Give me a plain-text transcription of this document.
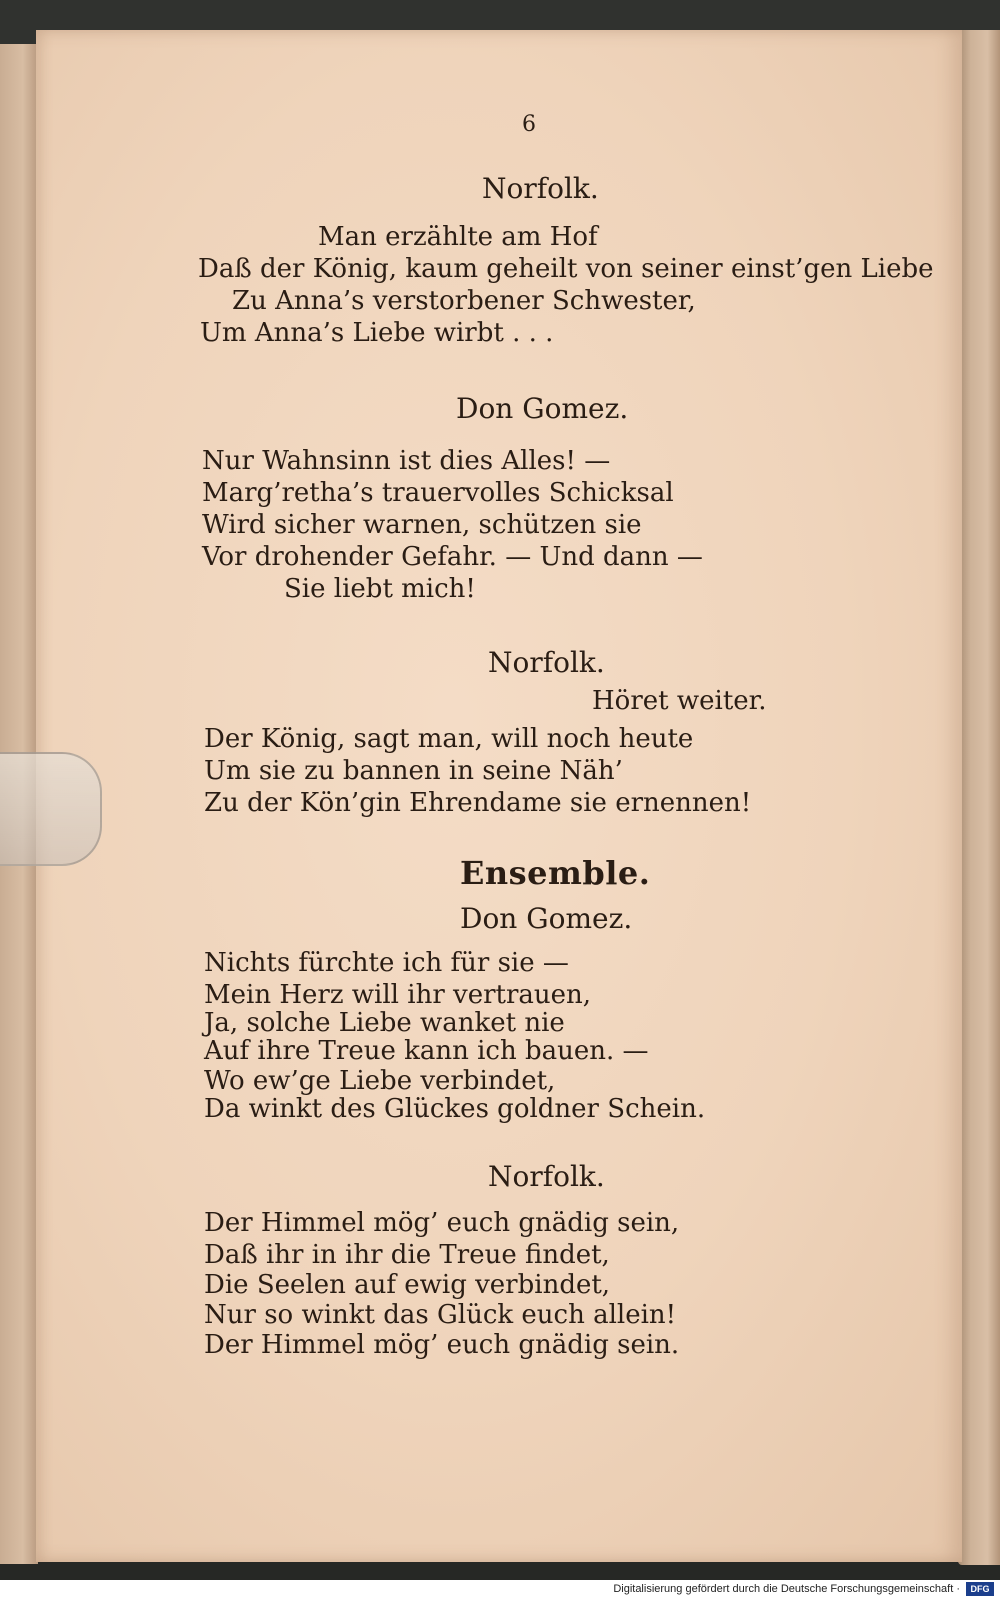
6
Norfolk.
Man erzählte am Hof
Daß der König, kaum geheilt von seiner einst’gen Liebe
Zu Anna’s verstorbener Schwester,
Um Anna’s Liebe wirbt . . .
Don Gomez.
Nur Wahnsinn ist dies Alles! —
Marg’retha’s trauervolles Schicksal
Wird sicher warnen, schützen sie
Vor drohender Gefahr. — Und dann —
Sie liebt mich!
Norfolk.
Höret weiter.
Der König, sagt man, will noch heute
Um sie zu bannen in seine Näh’
Zu der Kön’gin Ehrendame sie ernennen!
Ensemble.
Don Gomez.
Nichts fürchte ich für sie —
Mein Herz will ihr vertrauen,
Ja, solche Liebe wanket nie
Auf ihre Treue kann ich bauen. —
Wo ew’ge Liebe verbindet,
Da winkt des Glückes goldner Schein.
Norfolk.
Der Himmel mög’ euch gnädig sein,
Daß ihr in ihr die Treue findet,
Die Seelen auf ewig verbindet,
Nur so winkt das Glück euch allein!
Der Himmel mög’ euch gnädig sein.
Digitalisierung gefördert durch die Deutsche Forschungsgemeinschaft ·	DFG
